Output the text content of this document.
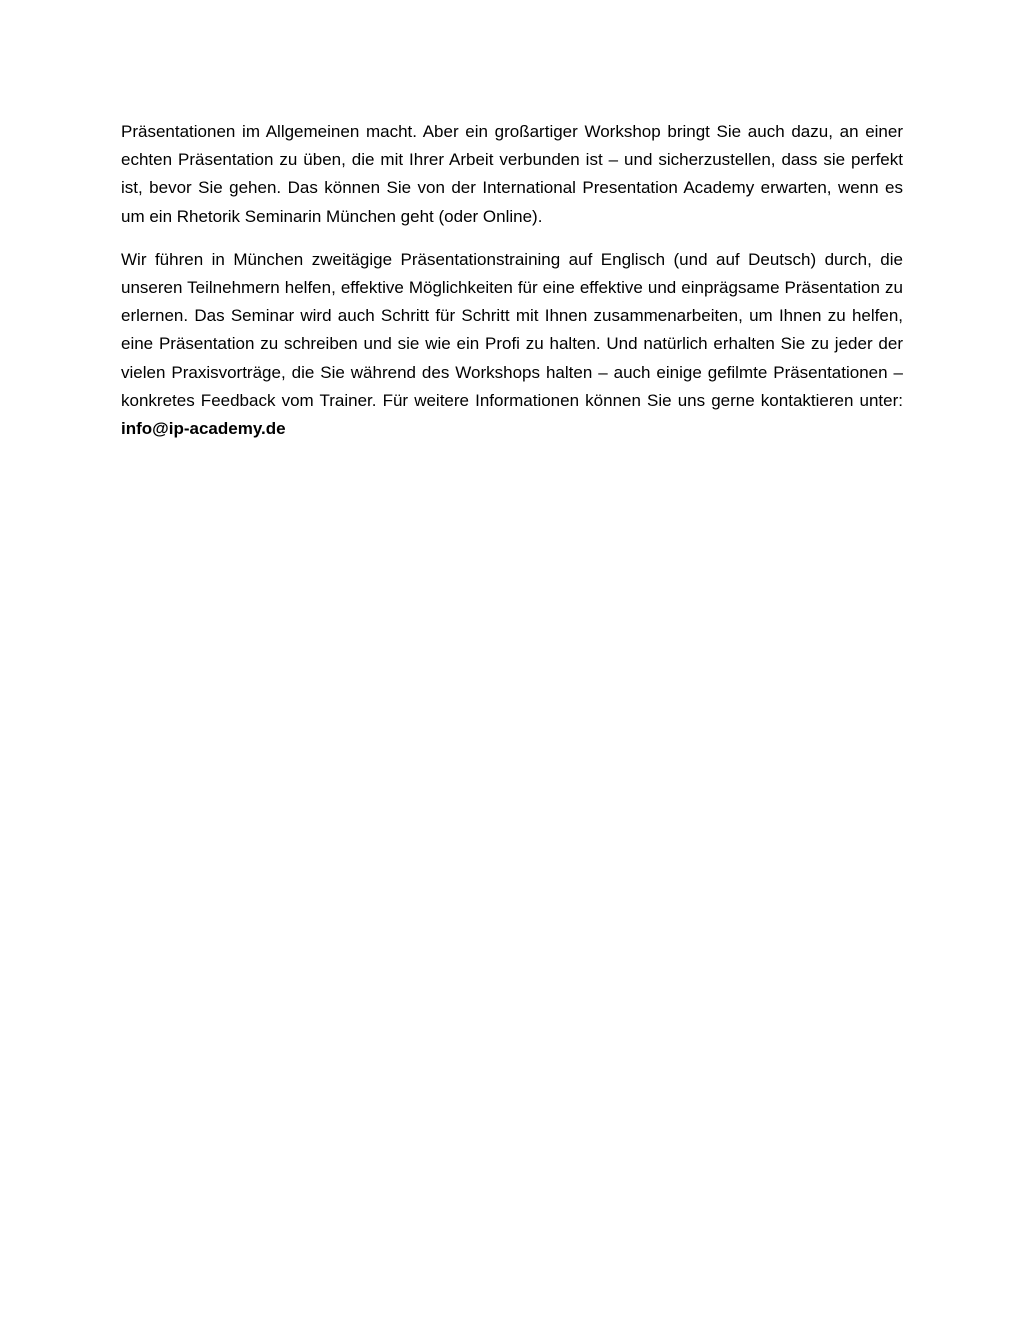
Präsentationen im Allgemeinen macht. Aber ein großartiger Workshop bringt Sie auch dazu, an einer echten Präsentation zu üben, die mit Ihrer Arbeit verbunden ist – und sicherzustellen, dass sie perfekt ist, bevor Sie gehen. Das können Sie von der International Presentation Academy erwarten, wenn es um ein Rhetorik Seminarin München geht (oder Online).

Wir führen in München zweitägige Präsentationstraining auf Englisch (und auf Deutsch) durch, die unseren Teilnehmern helfen, effektive Möglichkeiten für eine effektive und einprägsame Präsentation zu erlernen. Das Seminar wird auch Schritt für Schritt mit Ihnen zusammenarbeiten, um Ihnen zu helfen, eine Präsentation zu schreiben und sie wie ein Profi zu halten. Und natürlich erhalten Sie zu jeder der vielen Praxisvorträge, die Sie während des Workshops halten – auch einige gefilmte Präsentationen – konkretes Feedback vom Trainer. Für weitere Informationen können Sie uns gerne kontaktieren unter: info@ip-academy.de
